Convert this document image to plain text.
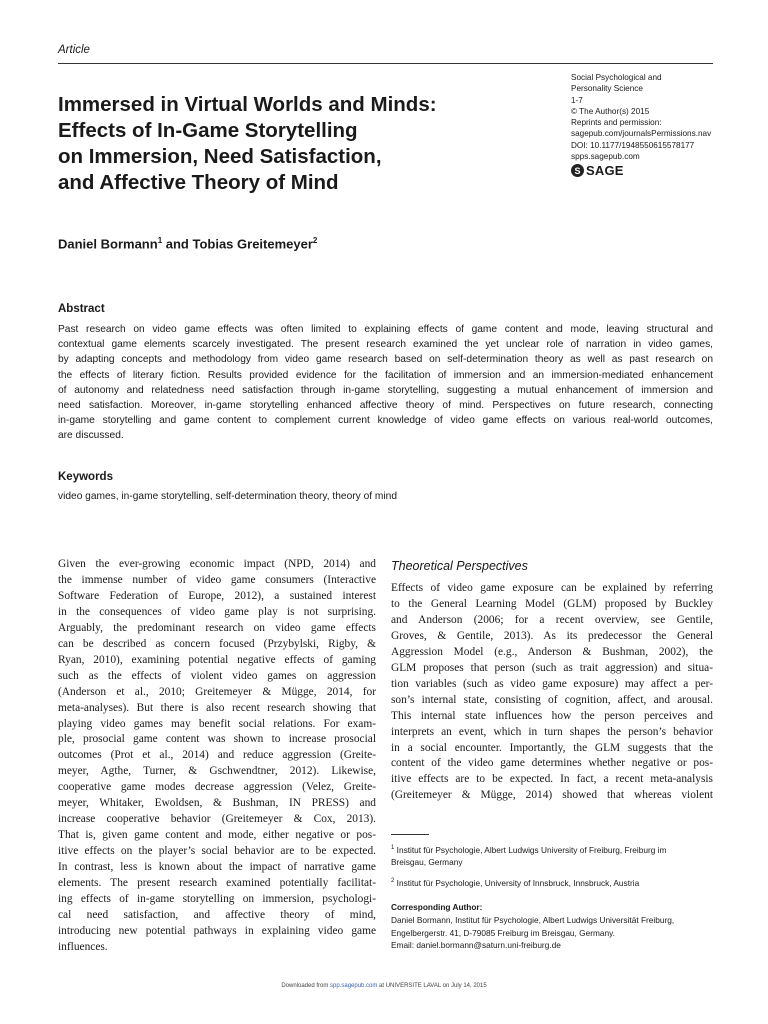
Article
Immersed in Virtual Worlds and Minds:
Effects of In-Game Storytelling
on Immersion, Need Satisfaction,
and Affective Theory of Mind
Social Psychological and
Personality Science
1-7
© The Author(s) 2015
Reprints and permission:
sagepub.com/journalsPermissions.nav
DOI: 10.1177/1948550615578177
spps.sagepub.com
S SAGE
Daniel Bormann$^1$ and Tobias Greitemeyer$^2$
Abstract
Past research on video game effects was often limited to explaining effects of game content and mode, leaving structural and
contextual game elements scarcely investigated. The present research examined the yet unclear role of narration in video games,
by adapting concepts and methodology from video game research based on self-determination theory as well as past research on
the effects of literary fiction. Results provided evidence for the facilitation of immersion and an immersion-mediated enhancement
of autonomy and relatedness need satisfaction through in-game storytelling, suggesting a mutual enhancement of immersion and
need satisfaction. Moreover, in-game storytelling enhanced affective theory of mind. Perspectives on future research, connecting
in-game storytelling and game content to complement current knowledge of video game effects on various real-world outcomes,
are discussed.
Keywords
video games, in-game storytelling, self-determination theory, theory of mind
Given the ever-growing economic impact (NPD, 2014) and
the immense number of video game consumers (Interactive
Software Federation of Europe, 2012), a sustained interest
in the consequences of video game play is not surprising.
Arguably, the predominant research on video game effects
can be described as concern focused (Przybylski, Rigby, &
Ryan, 2010), examining potential negative effects of gaming
such as the effects of violent video games on aggression
(Anderson et al., 2010; Greitemeyer & Mügge, 2014, for
meta-analyses). But there is also recent research showing that
playing video games may benefit social relations. For exam-
ple, prosocial game content was shown to increase prosocial
outcomes (Prot et al., 2014) and reduce aggression (Greite-
meyer, Agthe, Turner, & Gschwendtner, 2012). Likewise,
cooperative game modes decrease aggression (Velez, Greite-
meyer, Whitaker, Ewoldsen, & Bushman, IN PRESS) and
increase cooperative behavior (Greitemeyer & Cox, 2013).
That is, given game content and mode, either negative or pos-
itive effects on the player’s social behavior are to be expected.
In contrast, less is known about the impact of narrative game
elements. The present research examined potentially facilitat-
ing effects of in-game storytelling on immersion, psychologi-
cal need satisfaction, and affective theory of mind,
introducing new potential pathways in explaining video game
influences.
Theoretical Perspectives
Effects of video game exposure can be explained by referring
to the General Learning Model (GLM) proposed by Buckley
and Anderson (2006; for a recent overview, see Gentile,
Groves, & Gentile, 2013). As its predecessor the General
Aggression Model (e.g., Anderson & Bushman, 2002), the
GLM proposes that person (such as trait aggression) and situa-
tion variables (such as video game exposure) may affect a per-
son’s internal state, consisting of cognition, affect, and arousal.
This internal state influences how the person perceives and
interprets an event, which in turn shapes the person’s behavior
in a social encounter. Importantly, the GLM suggests that the
content of the video game determines whether negative or pos-
itive effects are to be expected. In fact, a recent meta-analysis
(Greitemeyer & Mügge, 2014) showed that whereas violent
$^1$ Institut für Psychologie, Albert Ludwigs University of Freiburg, Freiburg im
Breisgau, Germany
$^2$ Institut für Psychologie, University of Innsbruck, Innsbruck, Austria
Corresponding Author:
Daniel Bormann, Institut für Psychologie, Albert Ludwigs Universität Freiburg,
Engelbergerstr. 41, D-79085 Freiburg im Breisgau, Germany.
Email: daniel.bormann@saturn.uni-freiburg.de
Downloaded from spp.sagepub.com at UNIVERSITE LAVAL on July 14, 2015
